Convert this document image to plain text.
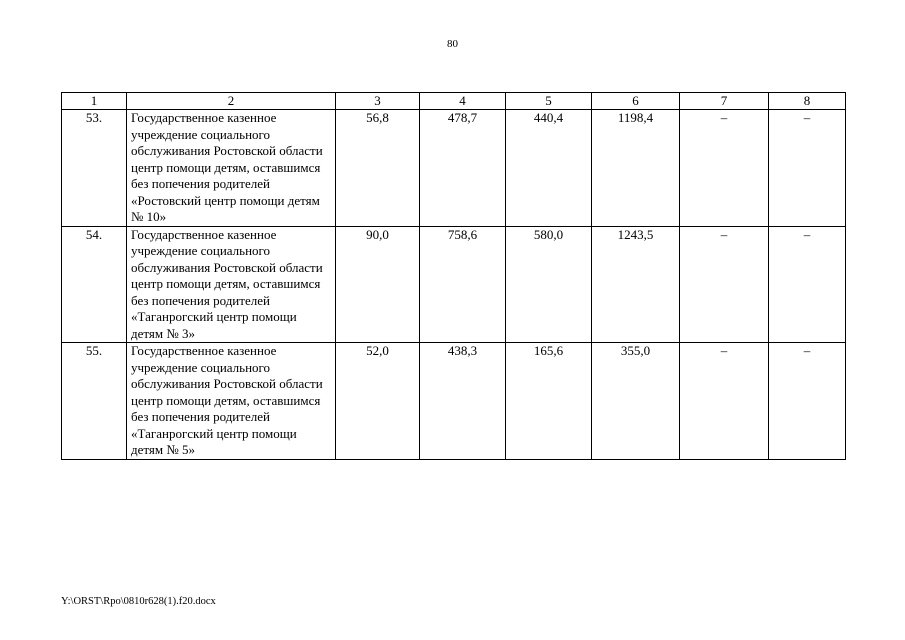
80
1	2	3	4	5	6	7	8
53.	Государственное казенное учреждение социального обслуживания Ростовской области центр помощи детям, оставшимся без попечения родителей «Ростовский центр помощи детям № 10»	56,8	478,7	440,4	1198,4	–	–
54.	Государственное казенное учреждение социального обслуживания Ростовской области центр помощи детям, оставшимся без попечения родителей «Таганрогский центр помощи детям № 3»	90,0	758,6	580,0	1243,5	–	–
55.	Государственное казенное учреждение социального обслуживания Ростовской области центр помощи детям, оставшимся без попечения родителей «Таганрогский центр помощи детям № 5»	52,0	438,3	165,6	355,0	–	–
Y:\ORST\Rpo\0810r628(1).f20.docx
